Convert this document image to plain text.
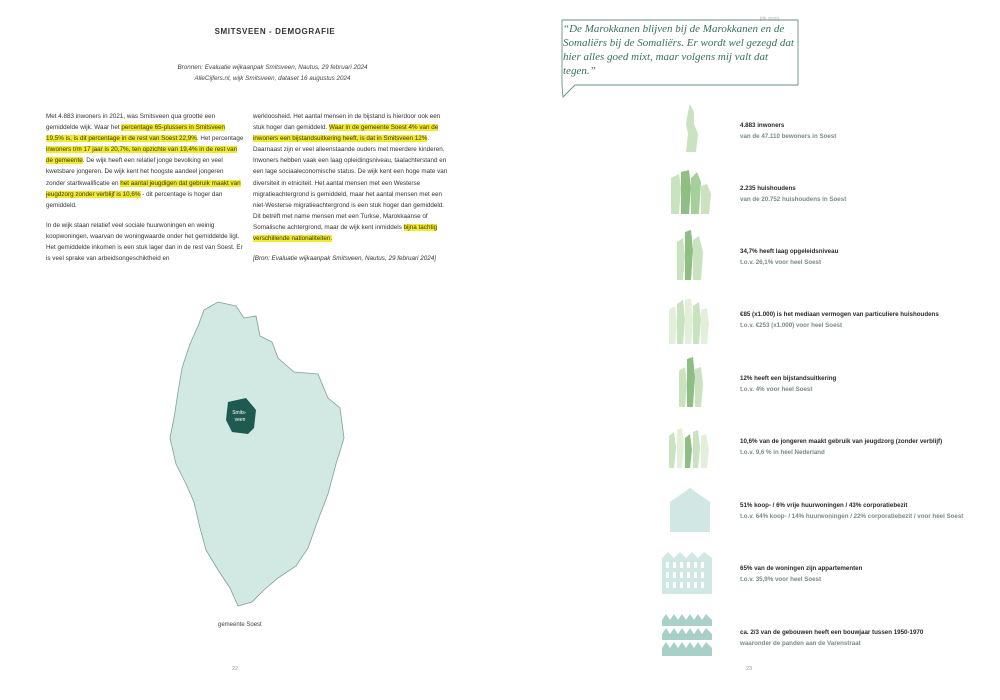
SMITSVEEN - DEMOGRAFIE
Bronnen: Evaluatie wijkaanpak Smitsveen, Nautus, 29 februari 2024
AlleCijfers.nl, wijk Smitsveen, dataset 16 augustus 2024

Met 4.883 inwoners in 2021, was Smitsveen qua grootte een gemiddelde wijk. Waar het percentage 65-plussers in Smitsveen 19,5% is, is dit percentage in de rest van Soest 22,9%. Het percentage inwoners t/m 17 jaar is 20,7%, ten opzichte van 19,4% in de rest van de gemeente. De wijk heeft een relatief jonge bevolking en veel kwetsbare jongeren. De wijk kent het hoogste aandeel jongeren zonder startkwalificatie en het aantal jeugdigen dat gebruik maakt van jeugdzorg zonder verblijf is 10,6% - dit percentage is hoger dan gemiddeld.

In de wijk staan relatief veel sociale huurwoningen en weinig koopwoningen, waarvan de woningwaarde onder het gemiddelde ligt. Het gemiddelde inkomen is een stuk lager dan in de rest van Soest. Er is veel sprake van arbeidsongeschiktheid en

werkloosheid. Het aantal mensen in de bijstand is hierdoor ook een stuk hoger dan gemiddeld. Waar in de gemeente Soest 4% van de inwoners een bijstandsuitkering heeft, is dat in Smitsveen 12%. Daarnaast zijn er veel alleenstaande ouders met meerdere kinderen. Inwoners hebben vaak een laag opleidingsniveau, taalachterstand en een lage sociaaleconomische status. De wijk kent een hoge mate van diversiteit in etniciteit. Het aantal mensen met een Westerse migratieachtergrond is gemiddeld, maar het aantal mensen met een niet-Westerse migratieachtergrond is een stuk hoger dan gemiddeld. Dit betreft met name mensen met een Turkse, Marokkaanse of Somalische achtergrond, maar de wijk kent inmiddels bijna tachtig verschillende nationaliteiten.

[Bron: Evaluatie wijkaanpak Smitsveen, Nautus, 29 februari 2024]

Smits- veen
gemeente Soest
22
[tfb 2020]
“De Marokkanen blijven bij de Marokkanen en de Somaliërs bij de Somaliërs. Er wordt wel gezegd dat hier alles goed mixt, maar volgens mij valt dat tegen.”
4.883 inwoners
van de 47.110 bewoners in Soest
2.235 huishoudens
van de 20.752 huishoudens in Soest
34,7% heeft laag opgeleidsniveau
t.o.v. 26,1% voor heel Soest
€85 (x1.000) is het mediaan vermogen van particuliere huishoudens
t.o.v. €253 (x1.000) voor heel Soest
12% heeft een bijstandsuitkering
t.o.v. 4% voor heel Soest
10,6% van de jongeren maakt gebruik van jeugdzorg (zonder verblijf)
t.o.v. 9,6 % in heel Nederland
51% koop- / 6% vrije huurwoningen / 43% corporatiebezit
t.o.v. 64% koop- / 14% huurwoningen / 22% corporatiebezit / voor heel Soest
65% van de woningen zijn appartementen
t.o.v. 35,9% voor heel Soest
ca. 2/3 van de gebouwen heeft een bouwjaar tussen 1950-1970
waaronder de panden aan de Varenstraat
23
